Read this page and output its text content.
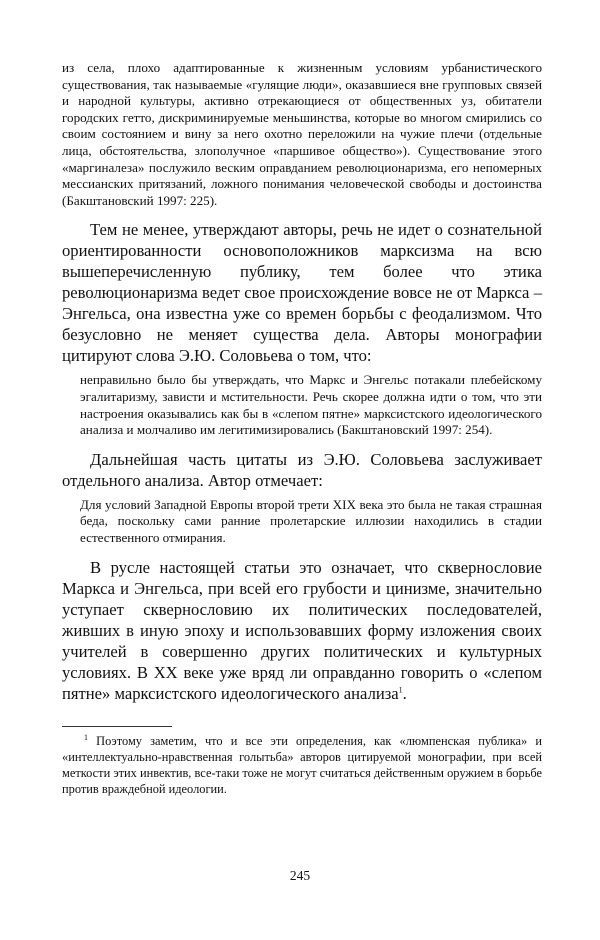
из села, плохо адаптированные к жизненным условиям урбанистического существования, так называемые «гулящие люди», оказавшиеся вне групповых связей и народной культуры, активно отрекающиеся от общественных уз, обитатели городских гетто, дискриминируемые меньшинства, которые во многом смирились со своим состоянием и вину за него охотно переложили на чужие плечи (отдельные лица, обстоятельства, злополучное «паршивое общество»). Существование этого «маргиналеза» послужило веским оправданием революционаризма, его непомерных мессианских притязаний, ложного понимания человеческой свободы и достоинства (Бакштановский 1997: 225).

Тем не менее, утверждают авторы, речь не идет о сознательной ориентированности основоположников марксизма на всю вышеперечисленную публику, тем более что этика революционаризма ведет свое происхождение вовсе не от Маркса – Энгельса, она известна уже со времен борьбы с феодализмом. Что безусловно не меняет существа дела. Авторы монографии цитируют слова Э.Ю. Соловьева о том, что:

неправильно было бы утверждать, что Маркс и Энгельс потакали плебейскому эгалитаризму, зависти и мстительности. Речь скорее должна идти о том, что эти настроения оказывались как бы в «слепом пятне» марксистского идеологического анализа и молчаливо им легитимизировались (Бакштановский 1997: 254).

Дальнейшая часть цитаты из Э.Ю. Соловьева заслуживает отдельного анализа. Автор отмечает:

Для условий Западной Европы второй трети XIX века это была не такая страшная беда, поскольку сами ранние пролетарские иллюзии находились в стадии естественного отмирания.

В русле настоящей статьи это означает, что сквернословие Маркса и Энгельса, при всей его грубости и цинизме, значительно уступает сквернословию их политических последователей, живших в иную эпоху и использовавших форму изложения своих учителей в совершенно других политических и культурных условиях. В XX веке уже вряд ли оправданно говорить о «слепом пятне» марксистского идеологического анализа$^1$.

$^1$ Поэтому заметим, что и все эти определения, как «люмпенская публика» и «интеллектуально-нравственная голытьба» авторов цитируемой монографии, при всей меткости этих инвектив, все-таки тоже не могут считаться действенным оружием в борьбе против враждебной идеологии.

245
